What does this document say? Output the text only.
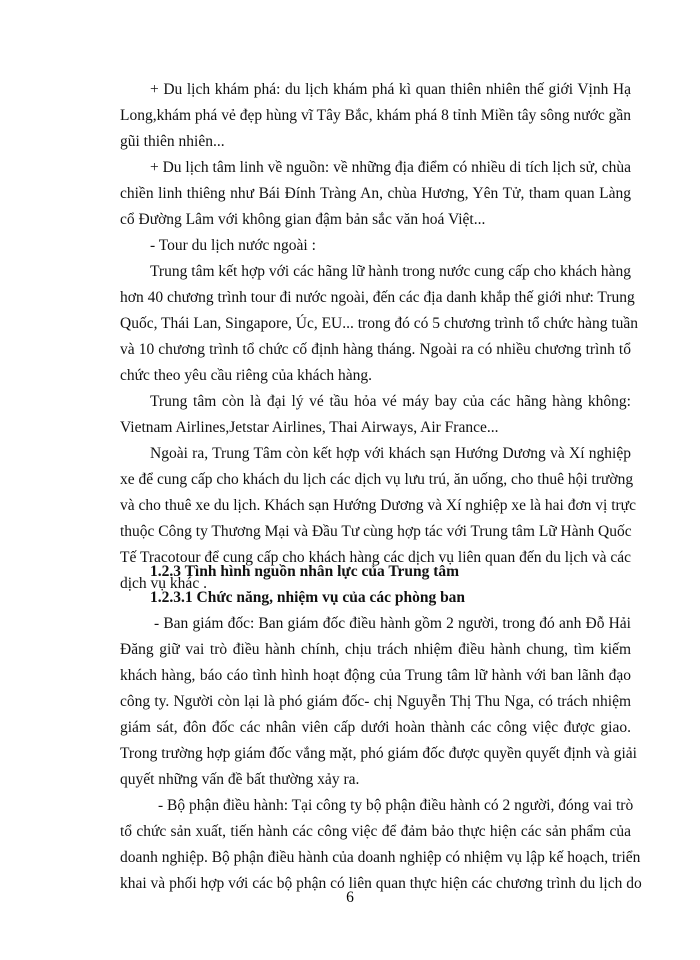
+ Du lịch khám phá: du lịch khám phá kì quan thiên nhiên thế giới Vịnh Hạ
Long,khám phá vẻ đẹp hùng vĩ Tây Bắc, khám phá 8 tỉnh Miền tây sông nước gần
gũi thiên nhiên...
+ Du lịch tâm linh về nguồn: về những địa điểm có nhiều di tích lịch sử, chùa
chiền linh thiêng như Bái Đính Tràng An, chùa Hương, Yên Tử, tham quan Làng
cổ Đường Lâm với không gian đậm bản sắc văn hoá Việt...
- Tour du lịch nước ngoài :
Trung tâm kết hợp với các hãng lữ hành trong nước cung cấp cho khách hàng
hơn 40 chương trình tour đi nước ngoài, đến các địa danh khắp thế giới như: Trung
Quốc, Thái Lan, Singapore, Úc, EU... trong đó có 5 chương trình tổ chức hàng tuần
và 10 chương trình tổ chức cố định hàng tháng. Ngoài ra có nhiều chương trình tổ
chức theo yêu cầu riêng của khách hàng.
Trung tâm còn là đại lý vé tầu hỏa vé máy bay của các hãng hàng không:
Vietnam Airlines,Jetstar Airlines, Thai Airways, Air France...
Ngoài ra, Trung Tâm còn kết hợp với khách sạn Hướng Dương và Xí nghiệp
xe để cung cấp cho khách du lịch các dịch vụ lưu trú, ăn uống, cho thuê hội trường
và cho thuê xe du lịch. Khách sạn Hướng Dương và Xí nghiệp xe là hai đơn vị trực
thuộc Công ty Thương Mại và Đầu Tư cùng hợp tác với Trung tâm Lữ Hành Quốc
Tế Tracotour để cung cấp cho khách hàng các dịch vụ liên quan đến du lịch và các
dịch vụ khác .
1.2.3 Tình hình nguồn nhân lực của Trung tâm
1.2.3.1 Chức năng, nhiệm vụ của các phòng ban
- Ban giám đốc: Ban giám đốc điều hành gồm 2 người, trong đó anh Đỗ Hải
Đăng giữ vai trò điều hành chính, chịu trách nhiệm điều hành chung, tìm kiếm
khách hàng, báo cáo tình hình hoạt động của Trung tâm lữ hành với ban lãnh đạo
công ty. Người còn lại là phó giám đốc- chị Nguyễn Thị Thu Nga, có trách nhiệm
giám sát, đôn đốc các nhân viên cấp dưới hoàn thành các công việc được giao.
Trong trường hợp giám đốc vắng mặt, phó giám đốc được quyền quyết định và giải
quyết những vấn đề bất thường xảy ra.
- Bộ phận điều hành: Tại công ty bộ phận điều hành có 2 người, đóng vai trò
tổ chức sản xuất, tiến hành các công việc để đảm bảo thực hiện các sản phẩm của
doanh nghiệp. Bộ phận điều hành của doanh nghiệp có nhiệm vụ lập kế hoạch, triển
khai và phối hợp với các bộ phận có liên quan thực hiện các chương trình du lịch do
6
